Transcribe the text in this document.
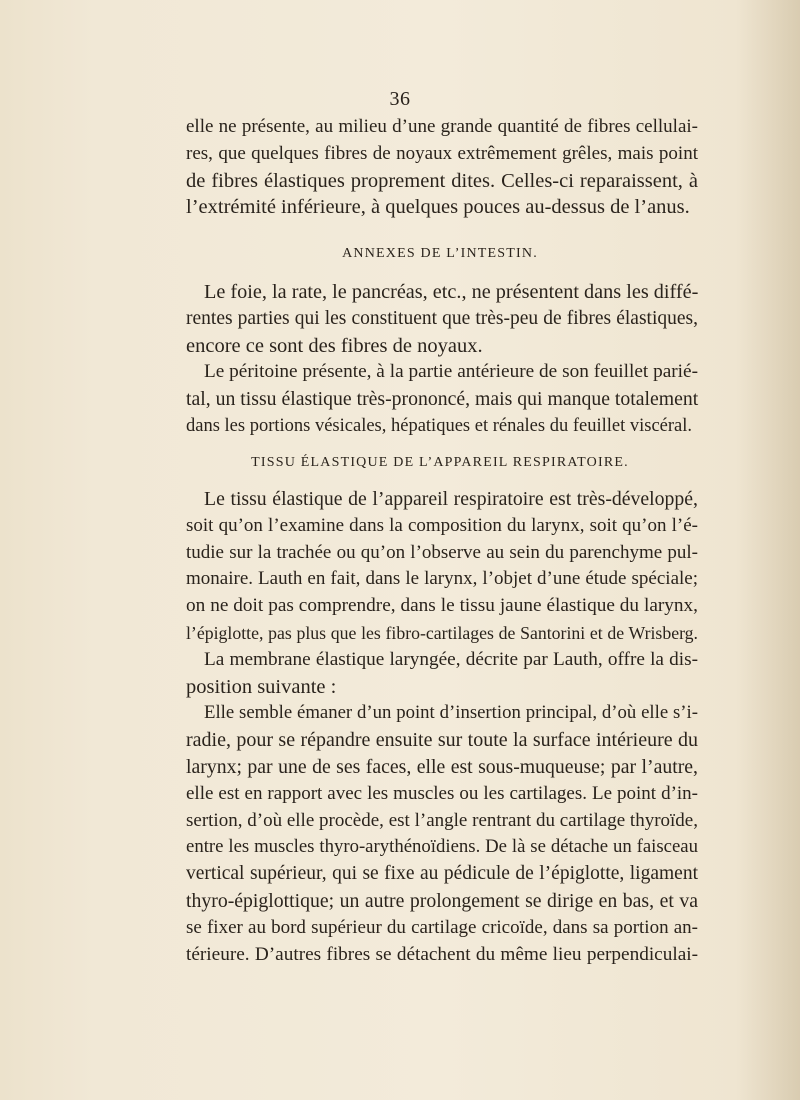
36
elle ne présente, au milieu d’une grande quantité de fibres cellulai-
res, que quelques fibres de noyaux extrêmement grêles, mais point
de fibres élastiques proprement dites. Celles-ci reparaissent, à
l’extrémité inférieure, à quelques pouces au-dessus de l’anus.
ANNEXES DE L’INTESTIN.
Le foie, la rate, le pancréas, etc., ne présentent dans les diffé-
rentes parties qui les constituent que très-peu de fibres élastiques,
encore ce sont des fibres de noyaux.
Le péritoine présente, à la partie antérieure de son feuillet parié-
tal, un tissu élastique très-prononcé, mais qui manque totalement
dans les portions vésicales, hépatiques et rénales du feuillet viscéral.
TISSU ÉLASTIQUE DE L’APPAREIL RESPIRATOIRE.
Le tissu élastique de l’appareil respiratoire est très-développé,
soit qu’on l’examine dans la composition du larynx, soit qu’on l’é-
tudie sur la trachée ou qu’on l’observe au sein du parenchyme pul-
monaire. Lauth en fait, dans le larynx, l’objet d’une étude spéciale;
on ne doit pas comprendre, dans le tissu jaune élastique du larynx,
l’épiglotte, pas plus que les fibro-cartilages de Santorini et de Wrisberg.
La membrane élastique laryngée, décrite par Lauth, offre la dis-
position suivante :
Elle semble émaner d’un point d’insertion principal, d’où elle s’i-
radie, pour se répandre ensuite sur toute la surface intérieure du
larynx; par une de ses faces, elle est sous-muqueuse; par l’autre,
elle est en rapport avec les muscles ou les cartilages. Le point d’in-
sertion, d’où elle procède, est l’angle rentrant du cartilage thyroïde,
entre les muscles thyro-arythénoïdiens. De là se détache un faisceau
vertical supérieur, qui se fixe au pédicule de l’épiglotte, ligament
thyro-épiglottique; un autre prolongement se dirige en bas, et va
se fixer au bord supérieur du cartilage cricoïde, dans sa portion an-
térieure. D’autres fibres se détachent du même lieu perpendiculai-
